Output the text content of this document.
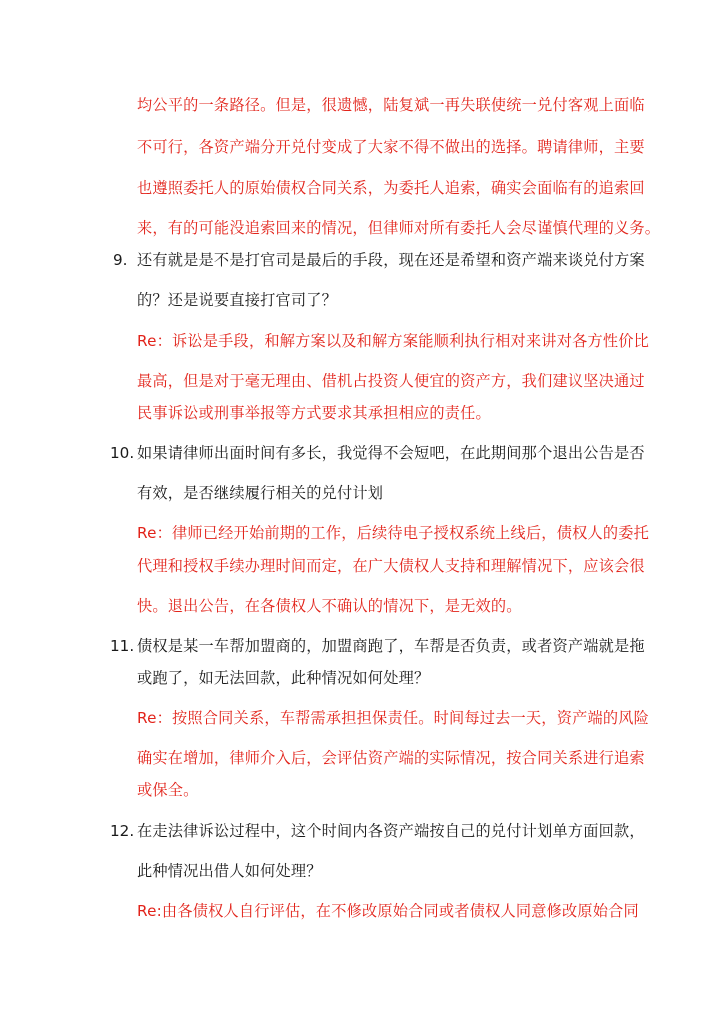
均公平的一条路径。但是，很遗憾，陆复斌一再失联使统一兑付客观上面临
不可行，各资产端分开兑付变成了大家不得不做出的选择。聘请律师，主要
也遵照委托人的原始债权合同关系，为委托人追索，确实会面临有的追索回
来，有的可能没追索回来的情况，但律师对所有委托人会尽谨慎代理的义务。
9. 还有就是是不是打官司是最后的手段，现在还是希望和资产端来谈兑付方案
的？还是说要直接打官司了？
Re：诉讼是手段，和解方案以及和解方案能顺利执行相对来讲对各方性价比
最高，但是对于毫无理由、借机占投资人便宜的资产方，我们建议坚决通过
民事诉讼或刑事举报等方式要求其承担相应的责任。
10. 如果请律师出面时间有多长，我觉得不会短吧，在此期间那个退出公告是否
有效，是否继续履行相关的兑付计划
Re：律师已经开始前期的工作，后续待电子授权系统上线后，债权人的委托
代理和授权手续办理时间而定，在广大债权人支持和理解情况下，应该会很
快。退出公告，在各债权人不确认的情况下，是无效的。
11. 债权是某一车帮加盟商的，加盟商跑了，车帮是否负责，或者资产端就是拖
或跑了，如无法回款，此种情况如何处理？
Re：按照合同关系，车帮需承担担保责任。时间每过去一天，资产端的风险
确实在增加，律师介入后，会评估资产端的实际情况，按合同关系进行追索
或保全。
12. 在走法律诉讼过程中，这个时间内各资产端按自己的兑付计划单方面回款，
此种情况出借人如何处理？
Re:由各债权人自行评估，在不修改原始合同或者债权人同意修改原始合同
